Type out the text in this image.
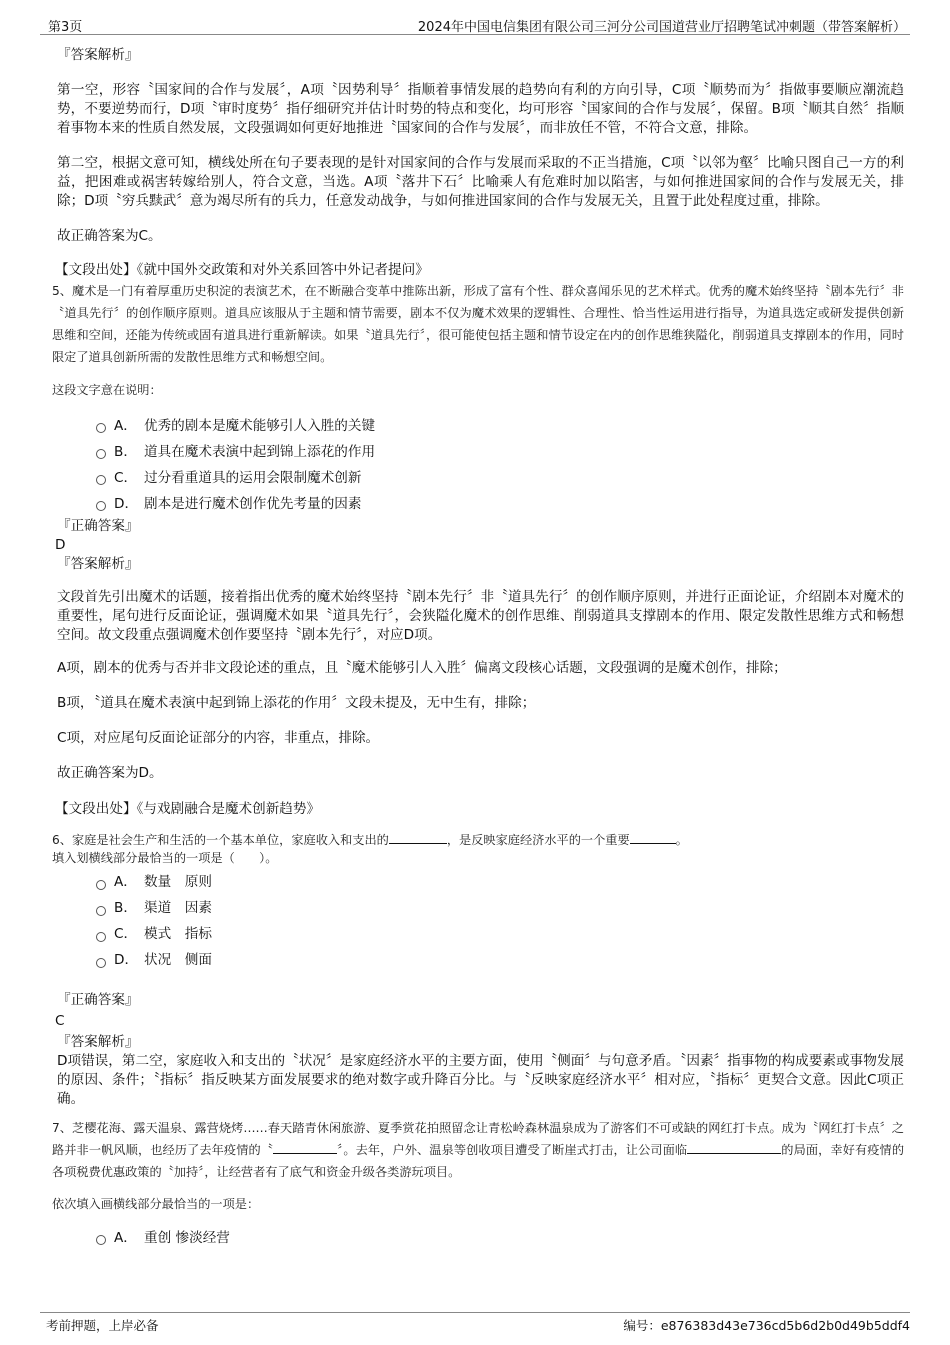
第3页	2024年中国电信集团有限公司三河分公司国道营业厅招聘笔试冲刺题（带答案解析）

『答案解析』

第一空，形容〝国家间的合作与发展〞，A项〝因势利导〞指顺着事情发展的趋势向有利的方向引导，C项〝顺势而为〞指做事要顺应潮流趋势，不要逆势而行，D项〝审时度势〞指仔细研究并估计时势的特点和变化，均可形容〝国家间的合作与发展〞，保留。B项〝顺其自然〞指顺着事物本来的性质自然发展，文段强调如何更好地推进〝国家间的合作与发展〞，而非放任不管，不符合文意，排除。

第二空，根据文意可知，横线处所在句子要表现的是针对国家间的合作与发展而采取的不正当措施，C项〝以邻为壑〞比喻只图自己一方的利益，把困难或祸害转嫁给别人，符合文意，当选。A项〝落井下石〞比喻乘人有危难时加以陷害，与如何推进国家间的合作与发展无关，排除；D项〝穷兵黩武〞意为竭尽所有的兵力，任意发动战争，与如何推进国家间的合作与发展无关，且置于此处程度过重，排除。

故正确答案为C。

【文段出处】《就中国外交政策和对外关系回答中外记者提问》

5、魔术是一门有着厚重历史积淀的表演艺术，在不断融合变革中推陈出新，形成了富有个性、群众喜闻乐见的艺术样式。优秀的魔术始终坚持〝剧本先行〞非〝道具先行〞的创作顺序原则。道具应该服从于主题和情节需要，剧本不仅为魔术效果的逻辑性、合理性、恰当性运用进行指导，为道具选定或研发提供创新思维和空间，还能为传统或固有道具进行重新解读。如果〝道具先行〞，很可能使包括主题和情节设定在内的创作思维狭隘化，削弱道具支撑剧本的作用，同时限定了道具创新所需的发散性思维方式和畅想空间。

这段文字意在说明：

A． 优秀的剧本是魔术能够引人入胜的关键
B． 道具在魔术表演中起到锦上添花的作用
C． 过分看重道具的运用会限制魔术创新
D． 剧本是进行魔术创作优先考量的因素

『正确答案』

D

『答案解析』

文段首先引出魔术的话题，接着指出优秀的魔术始终坚持〝剧本先行〞非〝道具先行〞的创作顺序原则，并进行正面论证，介绍剧本对魔术的重要性，尾句进行反面论证，强调魔术如果〝道具先行〞，会狭隘化魔术的创作思维、削弱道具支撑剧本的作用、限定发散性思维方式和畅想空间。故文段重点强调魔术创作要坚持〝剧本先行〞，对应D项。

A项，剧本的优秀与否并非文段论述的重点，且〝魔术能够引人入胜〞偏离文段核心话题，文段强调的是魔术创作，排除；

B项，〝道具在魔术表演中起到锦上添花的作用〞文段未提及，无中生有，排除；

C项，对应尾句反面论证部分的内容，非重点，排除。

故正确答案为D。

【文段出处】《与戏剧融合是魔术创新趋势》

6、家庭是社会生产和生活的一个基本单位，家庭收入和支出的	，是反映家庭经济水平的一个重要	。

填入划横线部分最恰当的一项是（　　）。

A． 数量　原则
B． 渠道　因素
C． 模式　指标
D． 状况　侧面

『正确答案』

C

『答案解析』

D项错误，第二空，家庭收入和支出的〝状况〞是家庭经济水平的主要方面，使用〝侧面〞与句意矛盾。〝因素〞指事物的构成要素或事物发展的原因、条件；〝指标〞指反映某方面发展要求的绝对数字或升降百分比。与〝反映家庭经济水平〞相对应，〝指标〞更契合文意。因此C项正确。

7、芝樱花海、露天温泉、露营烧烤……春天踏青休闲旅游、夏季赏花拍照留念让青松岭森林温泉成为了游客们不可或缺的网红打卡点。成为〝网红打卡点〞之路并非一帆风顺，也经历了去年疫情的〝	〞。去年，户外、温泉等创收项目遭受了断崖式打击，让公司面临	的局面，幸好有疫情的各项税费优惠政策的〝加持〞，让经营者有了底气和资金升级各类游玩项目。

依次填入画横线部分最恰当的一项是：

A． 重创 惨淡经营
考前押题，上岸必备	编号：e876383d43e736cd5b6d2b0d49b5ddf4
